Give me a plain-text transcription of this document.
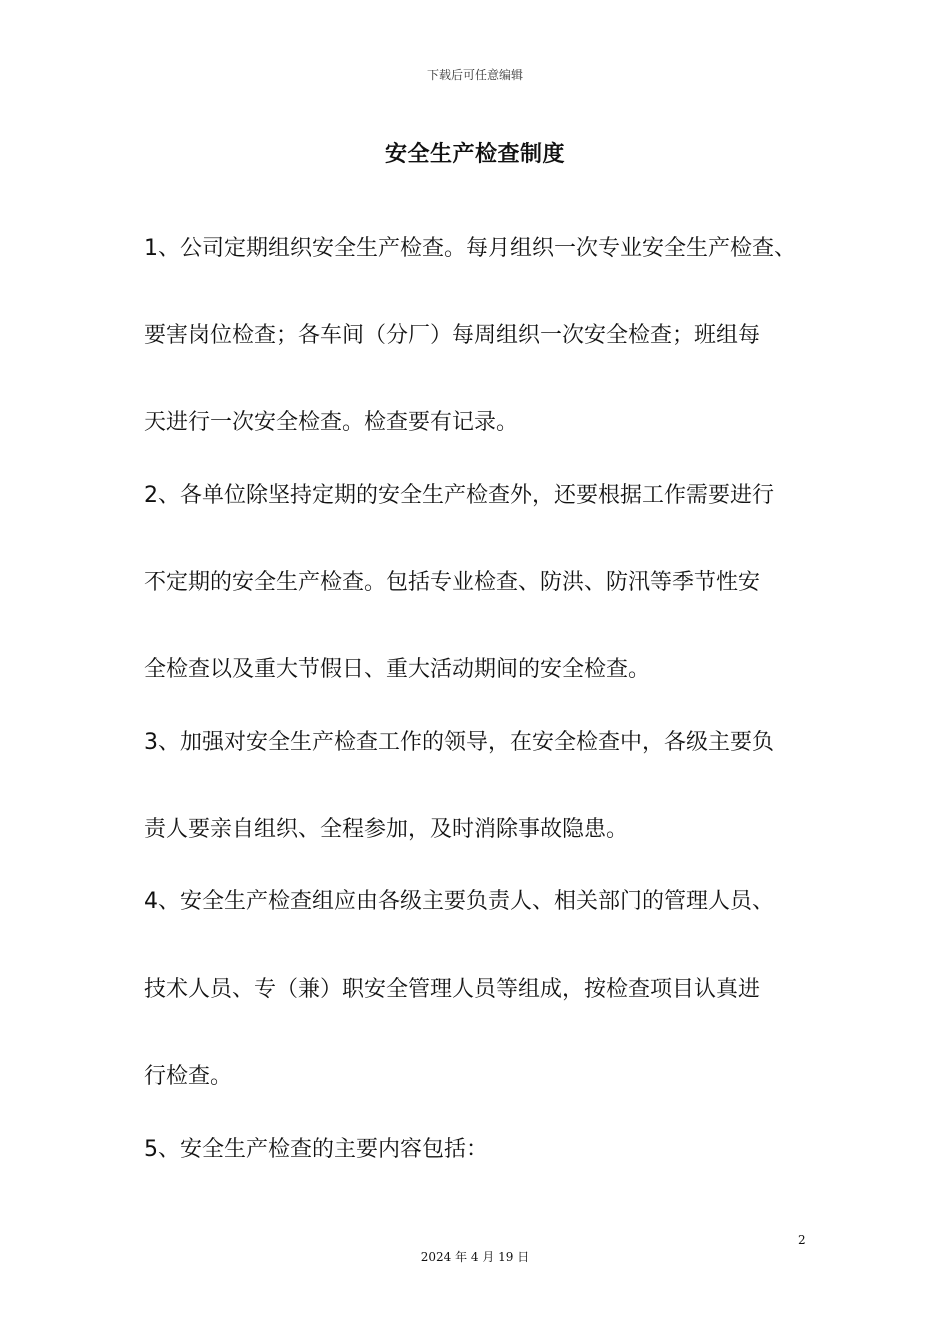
下载后可任意编辑
安全生产检查制度
1、公司定期组织安全生产检查。每月组织一次专业安全生产检查、
要害岗位检查；各车间（分厂）每周组织一次安全检查；班组每
天进行一次安全检查。检查要有记录。
2、各单位除坚持定期的安全生产检查外，还要根据工作需要进行
不定期的安全生产检查。包括专业检查、防洪、防汛等季节性安
全检查以及重大节假日、重大活动期间的安全检查。
3、加强对安全生产检查工作的领导，在安全检查中，各级主要负
责人要亲自组织、全程参加，及时消除事故隐患。
4、安全生产检查组应由各级主要负责人、相关部门的管理人员、
技术人员、专（兼）职安全管理人员等组成，按检查项目认真进
行检查。
5、安全生产检查的主要内容包括：
2
2024 年 4 月 19 日
